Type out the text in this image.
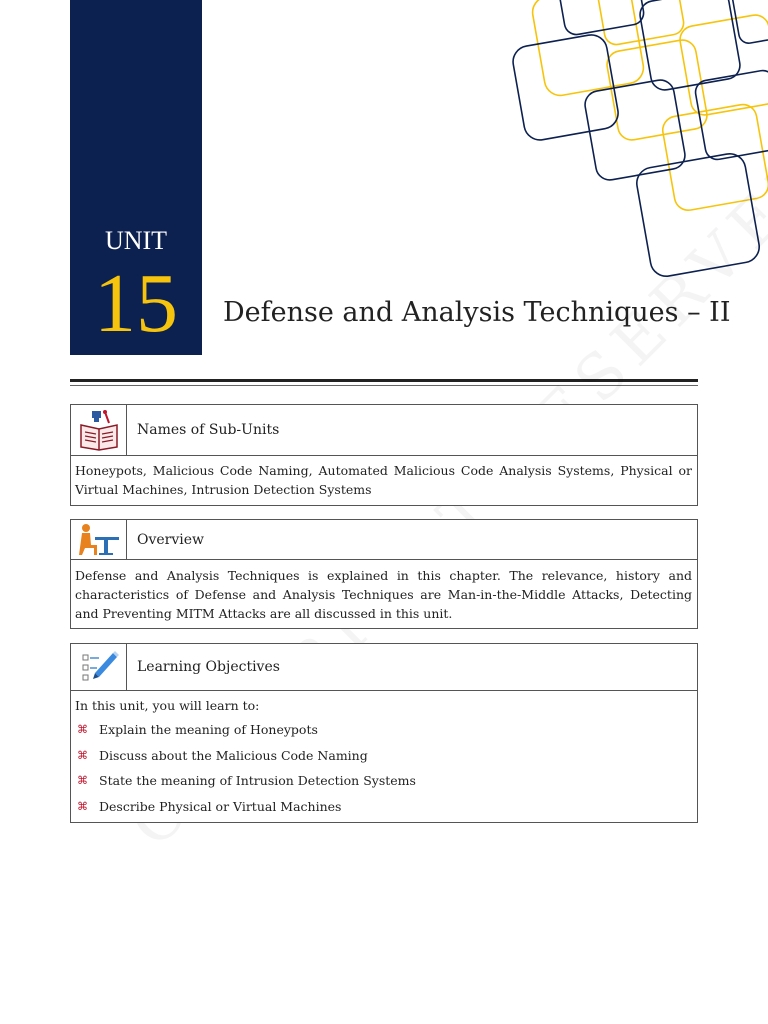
UNIT
15	Defense and Analysis Techniques – II
Names of Sub-Units
Honeypots, Malicious Code Naming, Automated Malicious Code Analysis Systems, Physical or Virtual Machines, Intrusion Detection Systems
Overview
Defense and Analysis Techniques is explained in this chapter. The relevance, history and characteristics of Defense and Analysis Techniques are Man-in-the-Middle Attacks, Detecting and Preventing MITM Attacks are all discussed in this unit.
Learning Objectives
In this unit, you will learn to:
⌘ Explain the meaning of Honeypots
⌘ Discuss about the Malicious Code Naming
⌘ State the meaning of Intrusion Detection Systems
⌘ Describe Physical or Virtual Machines
